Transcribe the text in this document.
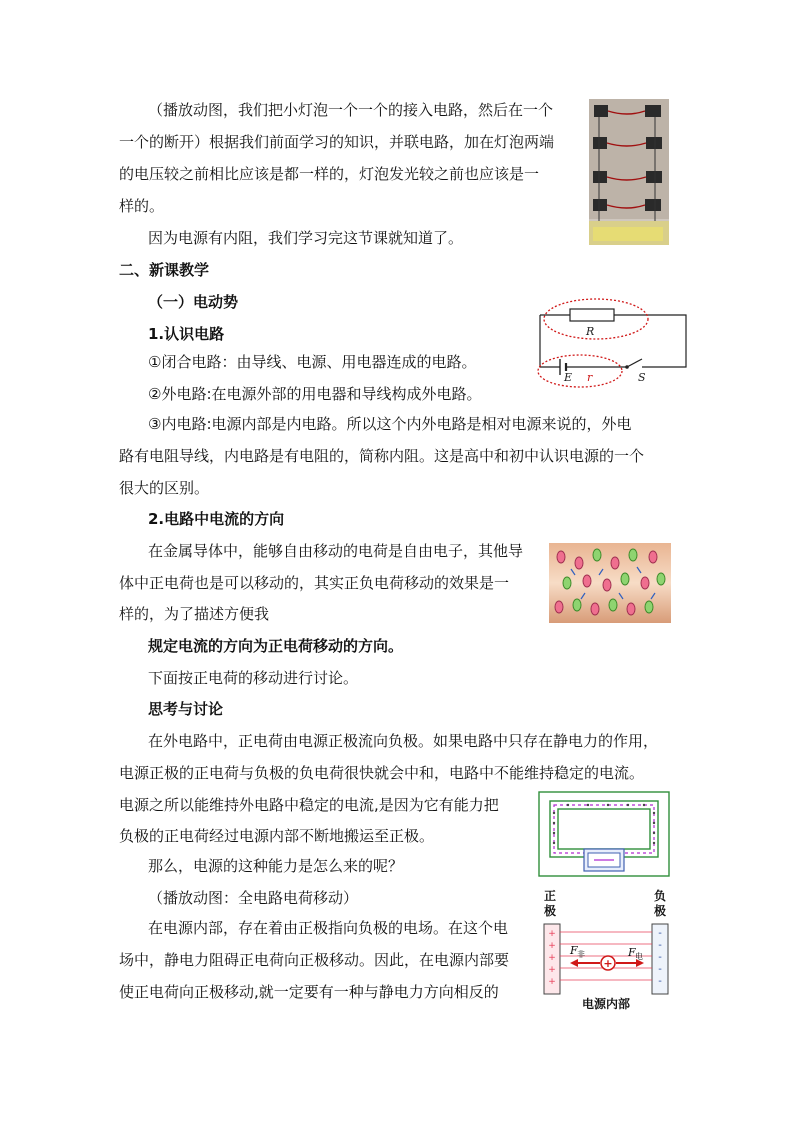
（播放动图，我们把小灯泡一个一个的接入电路，然后在一个
一个的断开）根据我们前面学习的知识，并联电路，加在灯泡两端
的电压较之前相比应该是都一样的，灯泡发光较之前也应该是一
样的。
因为电源有内阻，我们学习完这节课就知道了。
二、新课教学
（一）电动势
1.认识电路	R
E r	S
①闭合电路：由导线、电源、用电器连成的电路。
②外电路:在电源外部的用电器和导线构成外电路。
③内电路:电源内部是内电路。所以这个内外电路是相对电源来说的，外电
路有电阻导线，内电路是有电阻的，简称内阻。这是高中和初中认识电源的一个
很大的区别。
2.电路中电流的方向
在金属导体中，能够自由移动的电荷是自由电子，其他导
体中正电荷也是可以移动的，其实正负电荷移动的效果是一
样的，为了描述方便我
规定电流的方向为正电荷移动的方向。
下面按正电荷的移动进行讨论。
思考与讨论
在外电路中，正电荷由电源正极流向负极。如果电路中只存在静电力的作用，
电源正极的正电荷与负极的负电荷很快就会中和，电路中不能维持稳定的电流。
电源之所以能维持外电路中稳定的电流,是因为它有能力把
负极的正电荷经过电源内部不断地搬运至正极。
那么，电源的这种能力是怎么来的呢？
（播放动图：全电路电荷移动）
在电源内部，存在着由正极指向负极的电场。在这个电
场中，静电力阻碍正电荷向正极移动。因此，在电源内部要
使正电荷向正极移动,就一定要有一种与静电力方向相反的
正
极
负
极
+
+
+
+
+
-
-
-
-
-
+
F	F
非	电
电源内部
